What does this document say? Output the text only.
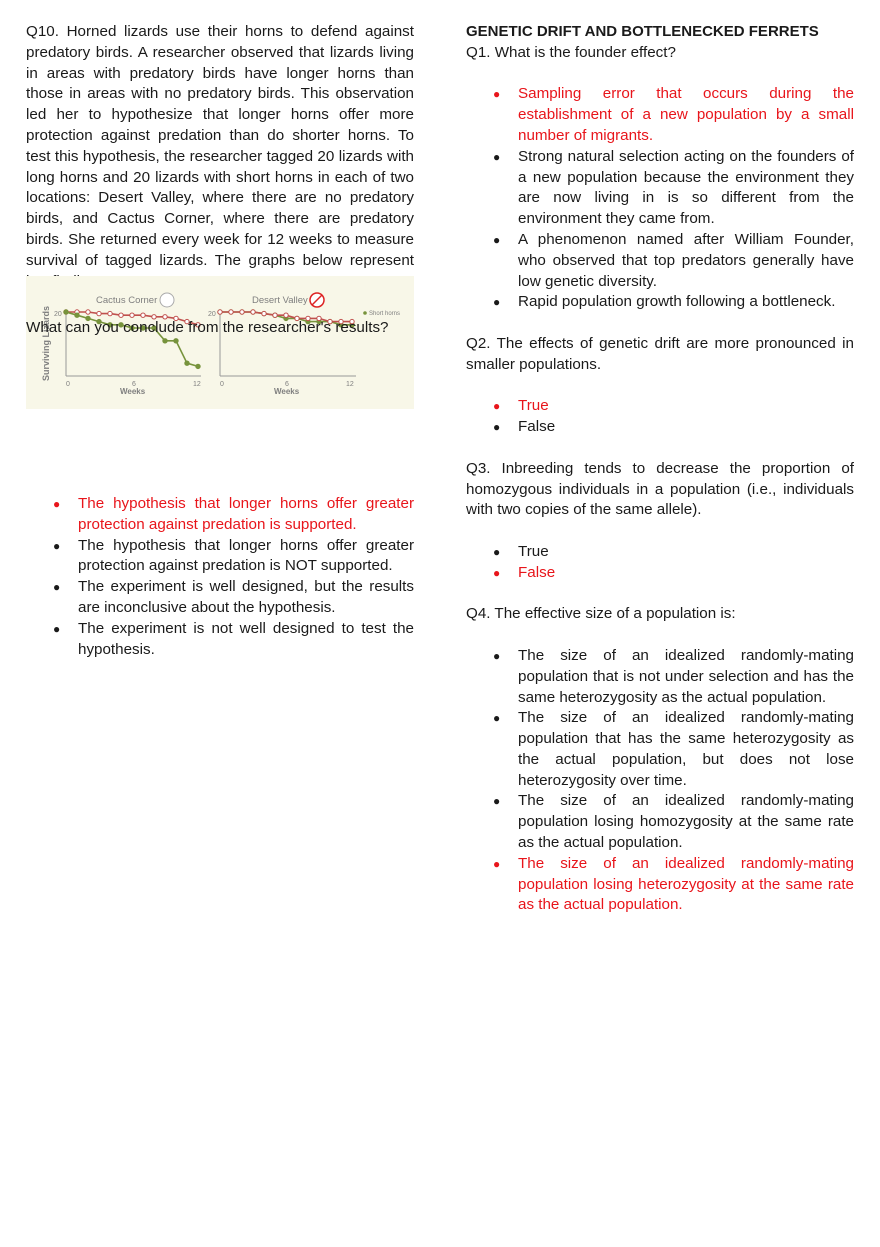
Q10. Horned lizards use their horns to defend against predatory birds. A researcher observed that lizards living in areas with predatory birds have longer horns than those in areas with no predatory birds. This observation led her to hypothesize that longer horns offer more protection against predation than do shorter horns. To test this hypothesis, the researcher tagged 20 lizards with long horns and 20 lizards with short horns in each of two locations: Desert Valley, where there are no predatory birds, and Cactus Corner, where there are predatory birds. She returned every week for 12 weeks to measure survival of tagged lizards. The graphs below represent

Surviving Lizards
Cactus Corner
20
0	6	12
Weeks
Desert Valley
20
0	6	12
Weeks
Short horns

What can you conclude from the researcher's results?

● The hypothesis that longer horns offer greater protection against predation is supported.
● The hypothesis that longer horns offer greater protection against predation is NOT supported.
● The experiment is well designed, but the results are inconclusive about the hypothesis.
● The experiment is not well designed to test the hypothesis.

GENETIC DRIFT AND BOTTLENECKED FERRETS

Q1. What is the founder effect?

● Sampling error that occurs during the establishment of a new population by a small number of migrants.
● Strong natural selection acting on the founders of a new population because the environment they are now living in is so different from the environment they came from.
● A phenomenon named after William Founder, who observed that top predators generally have low genetic diversity.
● Rapid population growth following a bottleneck.

Q2. The effects of genetic drift are more pronounced in smaller populations.

● True
● False

Q3. Inbreeding tends to decrease the proportion of homozygous individuals in a population (i.e., individuals with two copies of the same allele).

● True
● False

Q4. The effective size of a population is:

● The size of an idealized randomly-mating population that is not under selection and has the same heterozygosity as the actual population.
● The size of an idealized randomly-mating population that has the same heterozygosity as the actual population, but does not lose heterozygosity over time.
● The size of an idealized randomly-mating population losing homozygosity at the same rate as the actual population.
● The size of an idealized randomly-mating population losing heterozygosity at the same rate as the actual population.
